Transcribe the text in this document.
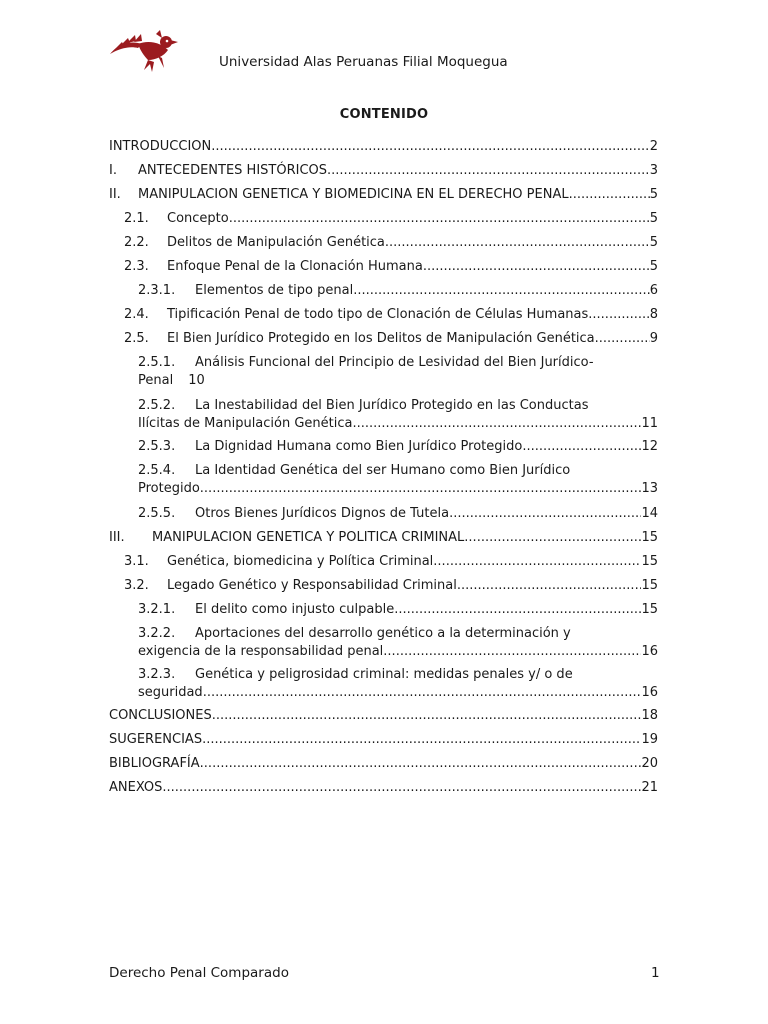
Universidad Alas Peruanas Filial Moquegua
CONTENIDO
INTRODUCCION .....	2
I.	ANTECEDENTES HISTÓRICOS .....	3
II.	MANIPULACION GENETICA Y BIOMEDICINA EN EL DERECHO PENAL .....	5
2.1.	Concepto .....	5
2.2.	Delitos de Manipulación Genética .....	5
2.3.	Enfoque Penal de la Clonación Humana .....	5
2.3.1.	Elementos de tipo penal .....	6
2.4.	Tipificación Penal de todo tipo de Clonación de Células Humanas .....	8
2.5.	El Bien Jurídico Protegido en los Delitos de Manipulación Genética .....	9
2.5.1.	Análisis Funcional del Principio de Lesividad del Bien Jurídico-
Penal 10
2.5.2.	La Inestabilidad del Bien Jurídico Protegido en las Conductas
Ilícitas de Manipulación Genética .....	11
2.5.3.	La Dignidad Humana como Bien Jurídico Protegido .....	12
2.5.4.	La Identidad Genética del ser Humano como Bien Jurídico
Protegido .....	13
2.5.5.	Otros Bienes Jurídicos Dignos de Tutela .....	14
III.	MANIPULACION GENETICA Y POLITICA CRIMINAL .....	15
3.1.	Genética, biomedicina y Política Criminal .....	15
3.2.	Legado Genético y Responsabilidad Criminal .....	15
3.2.1.	El delito como injusto culpable .....	15
3.2.2.	Aportaciones del desarrollo genético a la determinación y
exigencia de la responsabilidad penal .....	16
3.2.3.	Genética y peligrosidad criminal: medidas penales y/ o de
seguridad .....	16
CONCLUSIONES .....	18
SUGERENCIAS .....	19
BIBLIOGRAFÍA .....	20
ANEXOS .....	21
Derecho Penal Comparado	1
